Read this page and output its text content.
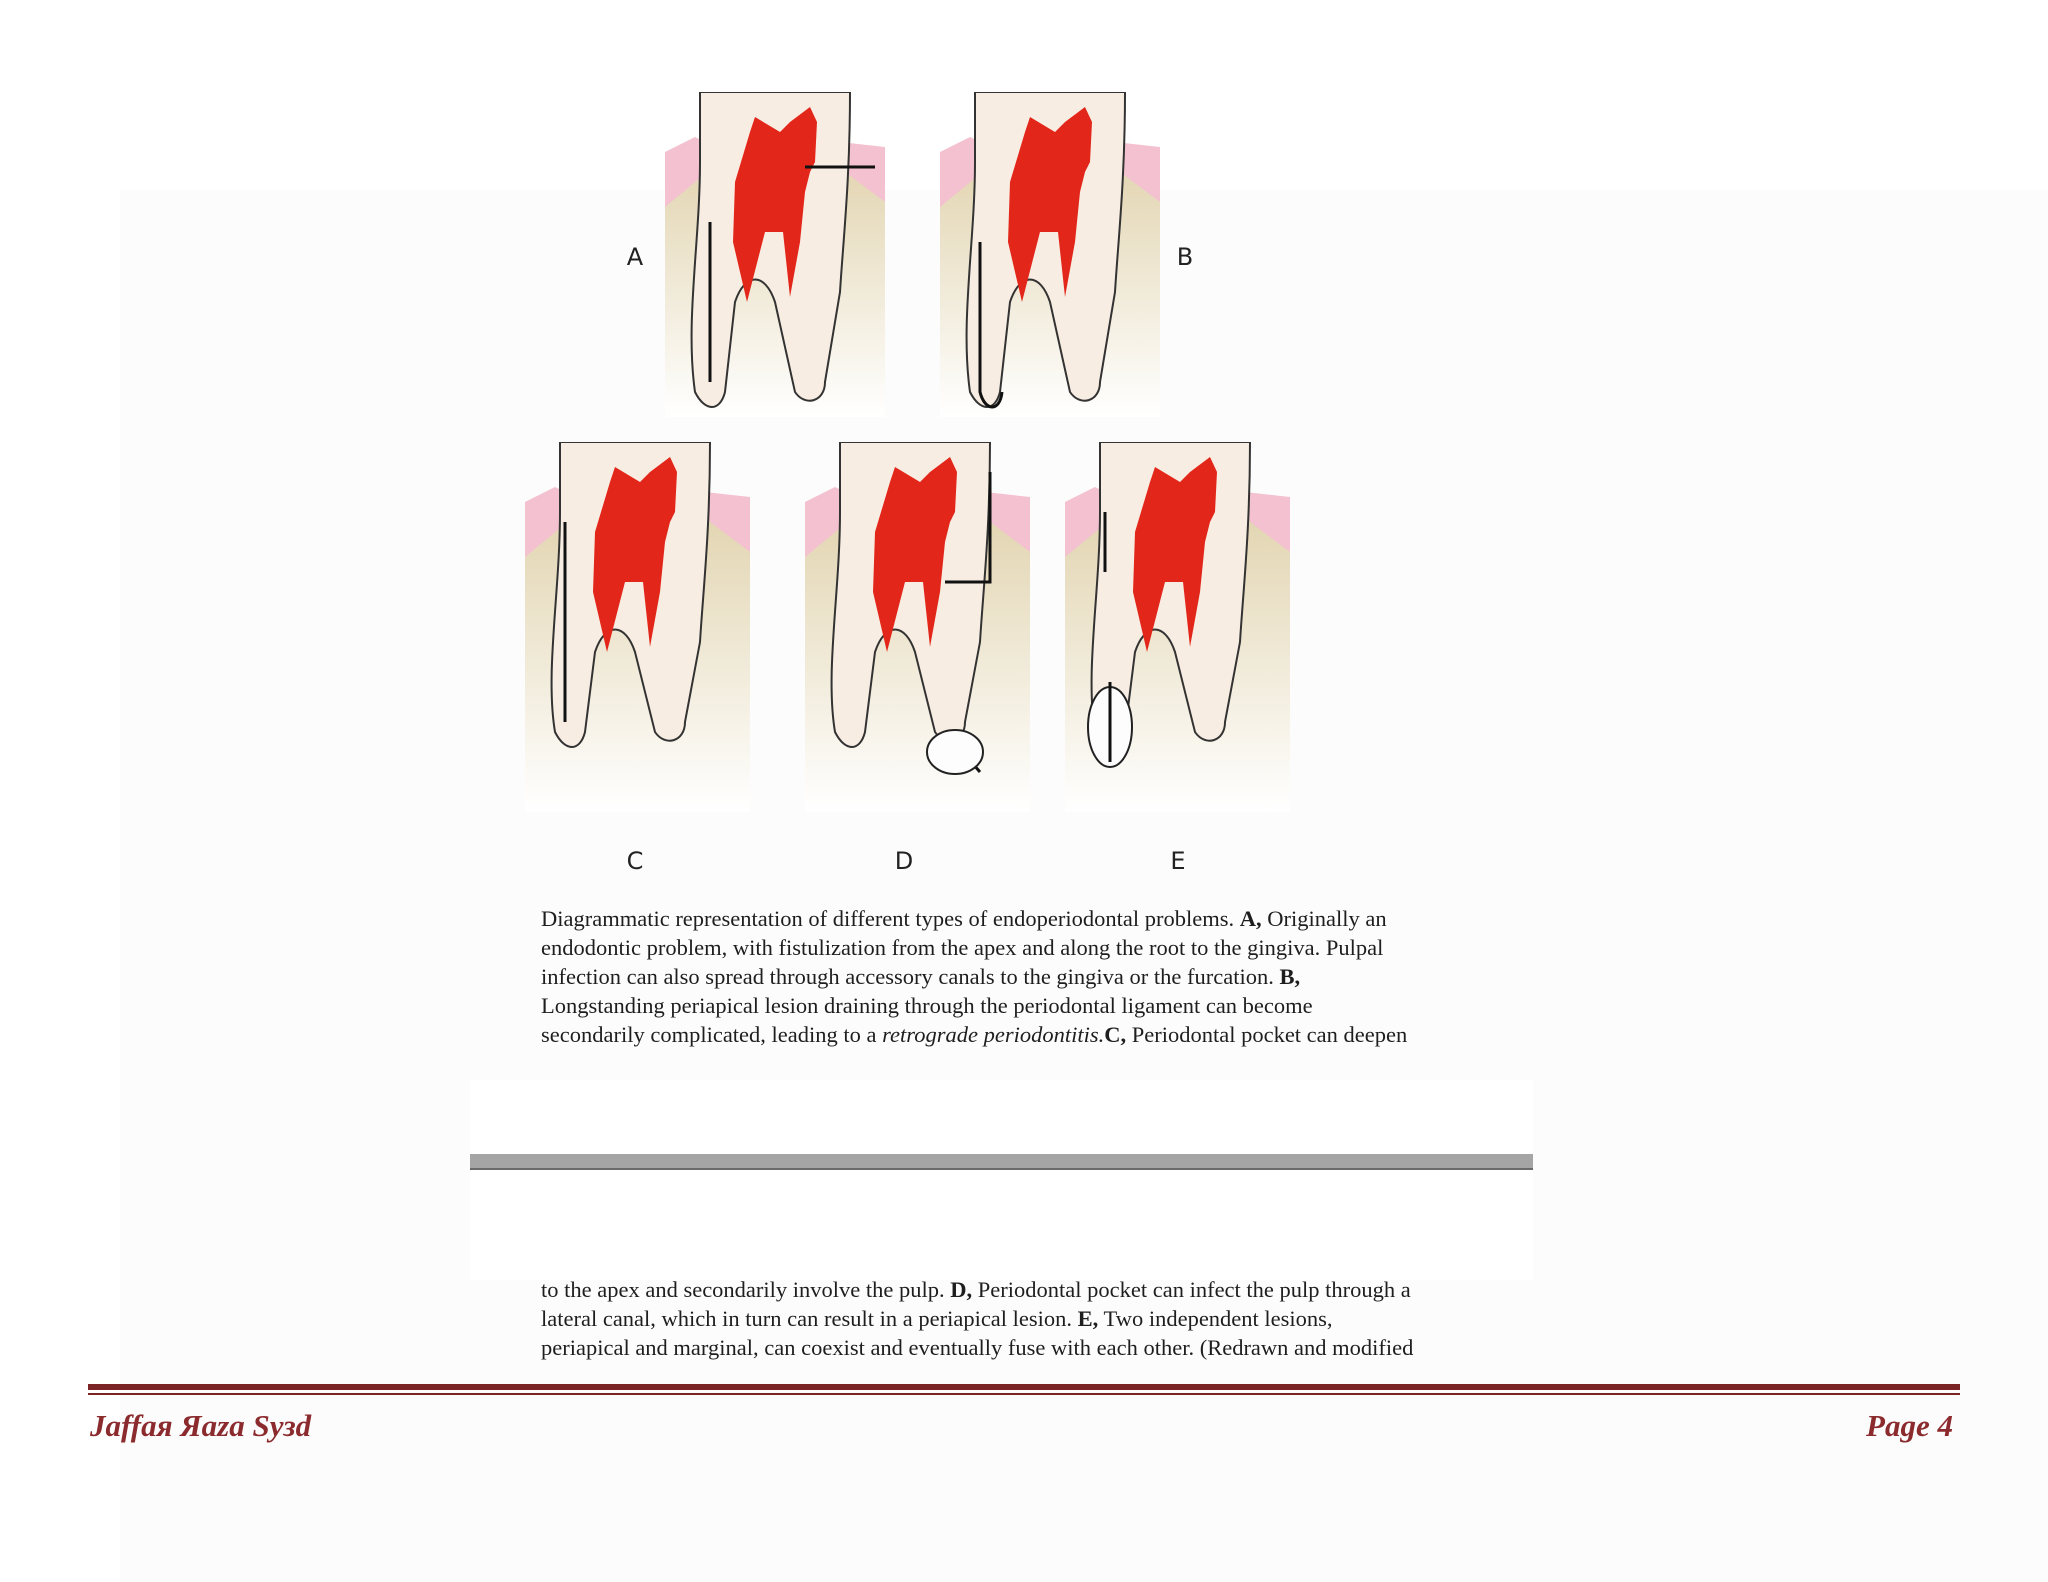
A	B
C	D	E

Diagrammatic representation of different types of endoperiodontal problems. A, Originally an

endodontic problem, with fistulization from the apex and along the root to the gingiva. Pulpal

infection can also spread through accessory canals to the gingiva or the furcation. B,

Longstanding periapical lesion draining through the periodontal ligament can become

secondarily complicated, leading to a retrograde periodontitis.C, Periodontal pocket can deepen

to the apex and secondarily involve the pulp. D, Periodontal pocket can infect the pulp through a

lateral canal, which in turn can result in a periapical lesion. E, Two independent lesions,

periapical and marginal, can coexist and eventually fuse with each other. (Redrawn and modified

Jaffaя Яaza Syзd	Page 4
